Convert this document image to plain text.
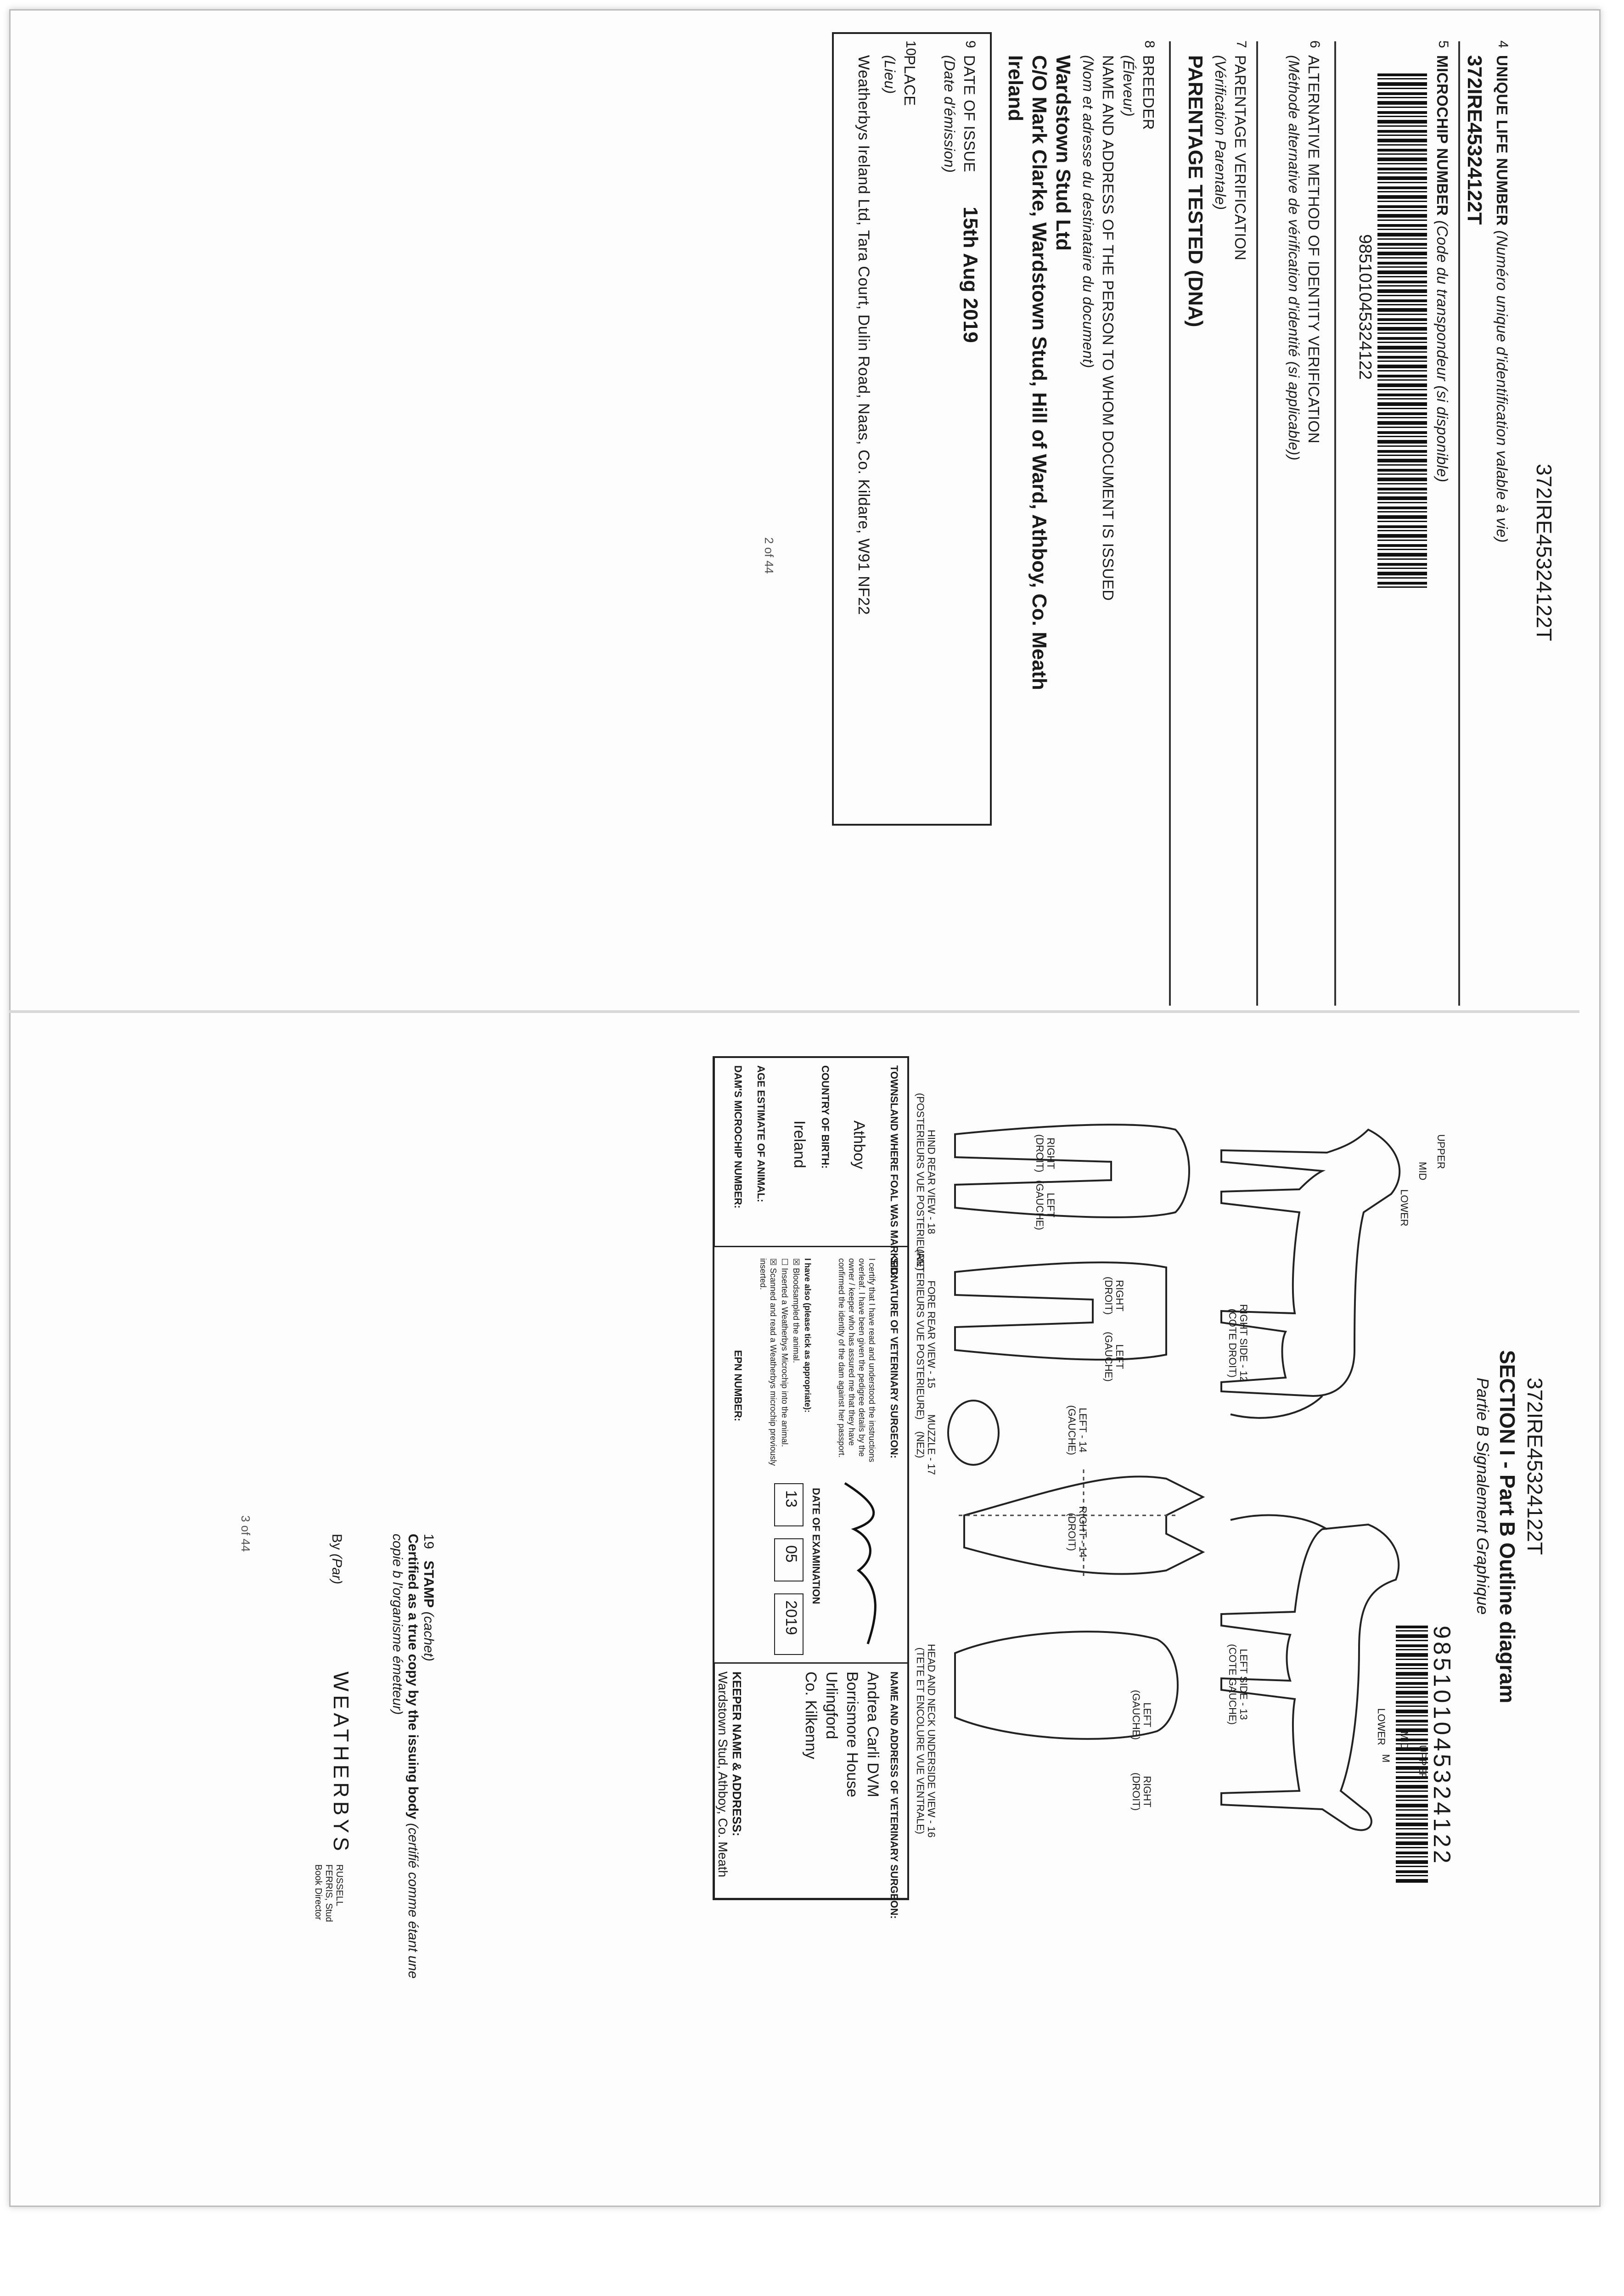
372IRE45324122T
4
UNIQUE LIFE NUMBER (Numéro unique d'identification valable à vie)
372IRE45324122T
5
MICROCHIP NUMBER (Code du transpondeur (si disponible)
985101045324122
6
ALTERNATIVE METHOD OF IDENTITY VERIFICATION
(Méthode alternative de vérification d'identité (si applicable))
7
PARENTAGE VERIFICATION
(Vérification Parentale)
PARENTAGE TESTED (DNA)
8
BREEDER
(Éleveur)
NAME AND ADDRESS OF THE PERSON TO WHOM DOCUMENT IS ISSUED
(Nom et adresse du destinataire du document)
Wardstown Stud Ltd
C/O Mark Clarke, Wardstown Stud, Hill of Ward, Athboy, Co. Meath
Ireland
9
DATE OF ISSUE
15th Aug 2019
(Date d'émission)
10
PLACE
(Lieu)
Weatherbys Ireland Ltd, Tara Court, Dulin Road, Naas, Co. Kildare, W91 NF22
2 of 44
372IRE45324122T
SECTION I - Part B Outline diagram
Partie B Signalement Graphique
985101045324122
RIGHT SIDE - 12
(COTE DROIT)
LEFT SIDE - 13
(COTE GAUCHE)
HIND REAR VIEW - 18
(POSTERIEURS VUE POSTERIEURE)
FORE REAR VIEW - 15
(ANTERIEURS VUE POSTERIEURE)
MUZZLE - 17
(NEZ)
HEAD AND NECK UNDERSIDE VIEW - 16
(TETE ET ENCOLURE VUE VENTRALE)
RIGHT - 14
(DROIT)
LEFT - 14
(GAUCHE)
RIGHT
(DROIT)
LEFT
(GAUCHE)
RIGHT
(DROIT)
LEFT
(GAUCHE)
LEFT
(GAUCHE)
RIGHT
(DROIT)
UPPER
MID
LOWER
UPPER
MID
LOWER
M
TOWNSLAND WHERE FOAL WAS MARKED:
Athboy
COUNTRY OF BIRTH:
Ireland
AGE ESTIMATE OF ANIMAL:
SIGNATURE OF VETERINARY SURGEON:
I certify that I have read and understood the instructions overleaf. I have been given the pedigree details by the owner / keeper who has assured me that they have confirmed the identity of the dam against her passport.
I have also (please tick as appropriate):
☒ Bloodsampled the animal.
☐ Inserted a Weatherbys Microchip into the animal.
☒ Scanned and read a Weatherbys microchip previously inserted.
DATE OF EXAMINATION
13
05
2019
NAME AND ADDRESS OF VETERINARY SURGEON:
Andrea Carli DVM
Borrismore House
Urlingford
Co. Kilkenny
DAM'S MICROCHIP NUMBER:
EPN NUMBER:
KEEPER NAME & ADDRESS:
Wardstown Stud, Athboy, Co. Meath
19   STAMP (cachet)
Certified as a true copy by the issuing body (certifié comme étant une copie b l'organisme émetteur)
By (Par)
WEATHERBYS
RUSSELL FERRIS, Stud Book Director
3 of 44
